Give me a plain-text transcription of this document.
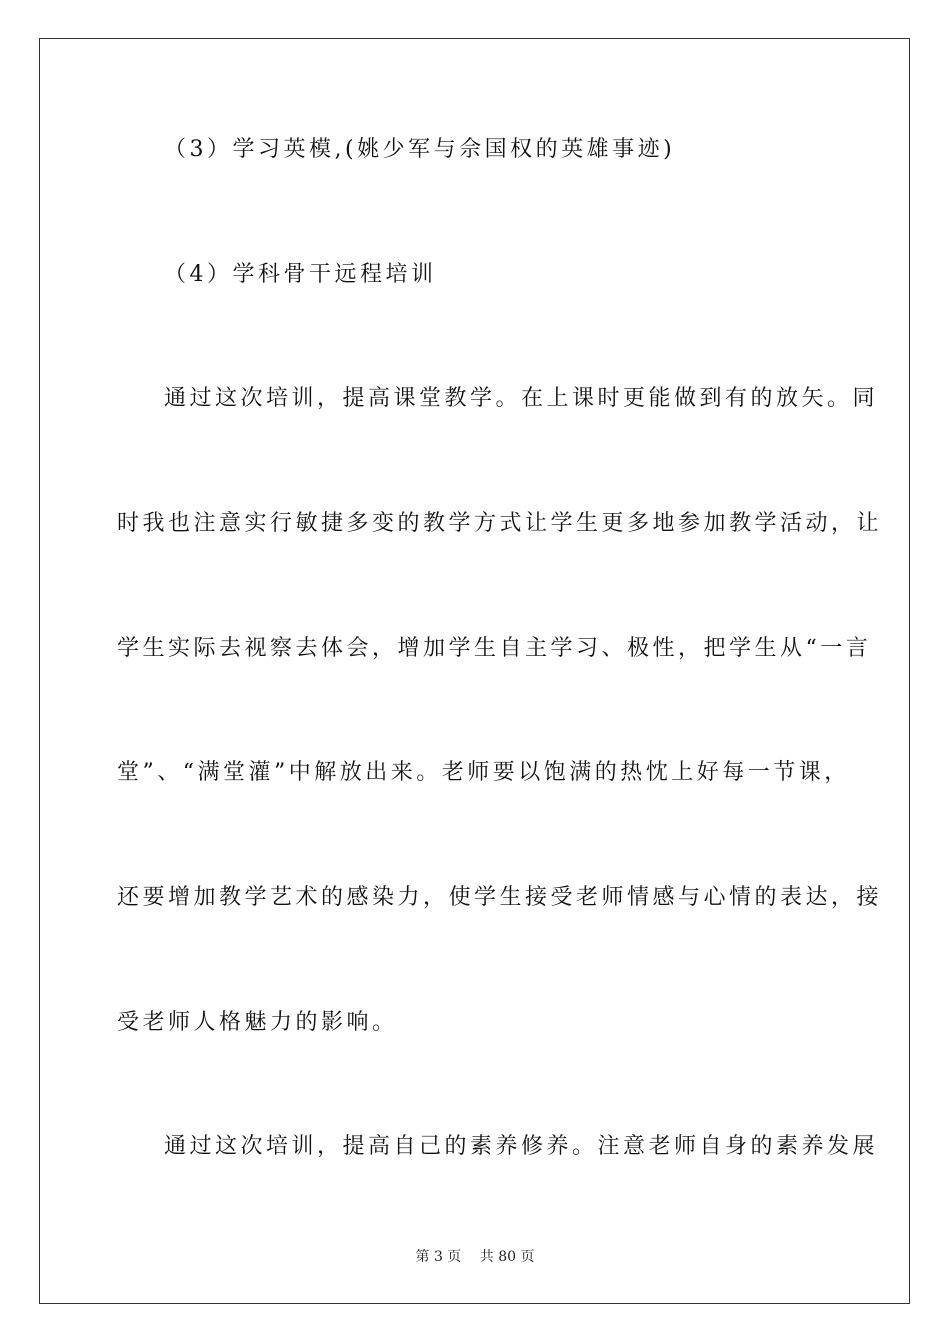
（3）学习英模,(姚少军与佘国权的英雄事迹)
（4）学科骨干远程培训
通过这次培训，提高课堂教学。在上课时更能做到有的放矢。同
时我也注意实行敏捷多变的教学方式让学生更多地参加教学活动，让
学生实际去视察去体会，增加学生自主学习、极性，把学生从“一言
堂”、“满堂灌”中解放出来。老师要以饱满的热忱上好每一节课，
还要增加教学艺术的感染力，使学生接受老师情感与心情的表达，接
受老师人格魅力的影响。
通过这次培训，提高自己的素养修养。注意老师自身的素养发展
第 3 页　 共 80 页
